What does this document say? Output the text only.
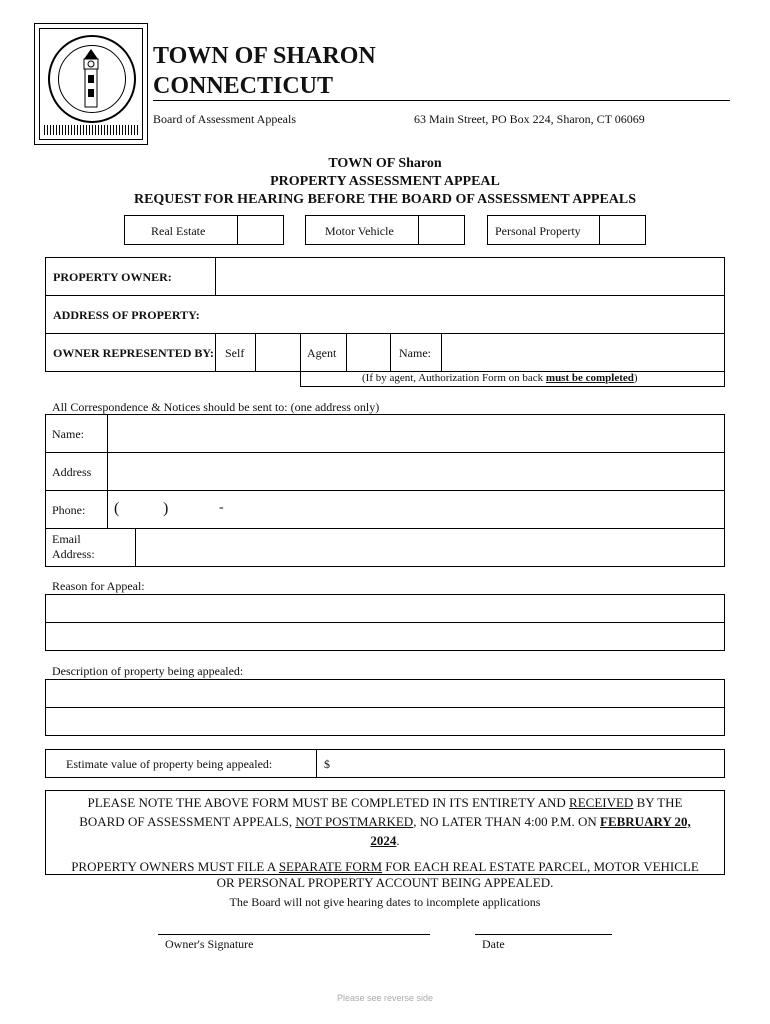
TOWN OF SHARON
CONNECTICUT
Board of Assessment Appeals	63 Main Street, PO Box 224, Sharon, CT 06069
TOWN OF Sharon
PROPERTY ASSESSMENT APPEAL
REQUEST FOR HEARING BEFORE THE BOARD OF ASSESSMENT APPEALS
Real Estate	Motor Vehicle	Personal Property
PROPERTY OWNER:
ADDRESS OF PROPERTY:
OWNER REPRESENTED BY: Self	Agent	Name:
(If by agent, Authorization Form on back must be completed)
All Correspondence & Notices should be sent to: (one address only)
Name:
Address
Phone: (	)	-
Email
Address:
Reason for Appeal:
Description of property being appealed:
Estimate value of property being appealed:	$

PLEASE NOTE THE ABOVE FORM MUST BE COMPLETED IN ITS ENTIRETY AND RECEIVED BY THE

BOARD OF ASSESSMENT APPEALS, NOT POSTMARKED, NO LATER THAN 4:00 P.M. ON FEBRUARY 20,

2024.

PROPERTY OWNERS MUST FILE A SEPARATE FORM FOR EACH REAL ESTATE PARCEL, MOTOR VEHICLE

OR PERSONAL PROPERTY ACCOUNT BEING APPEALED.
The Board will not give hearing dates to incomplete applications
Owner's Signature	Date
Please see reverse side
